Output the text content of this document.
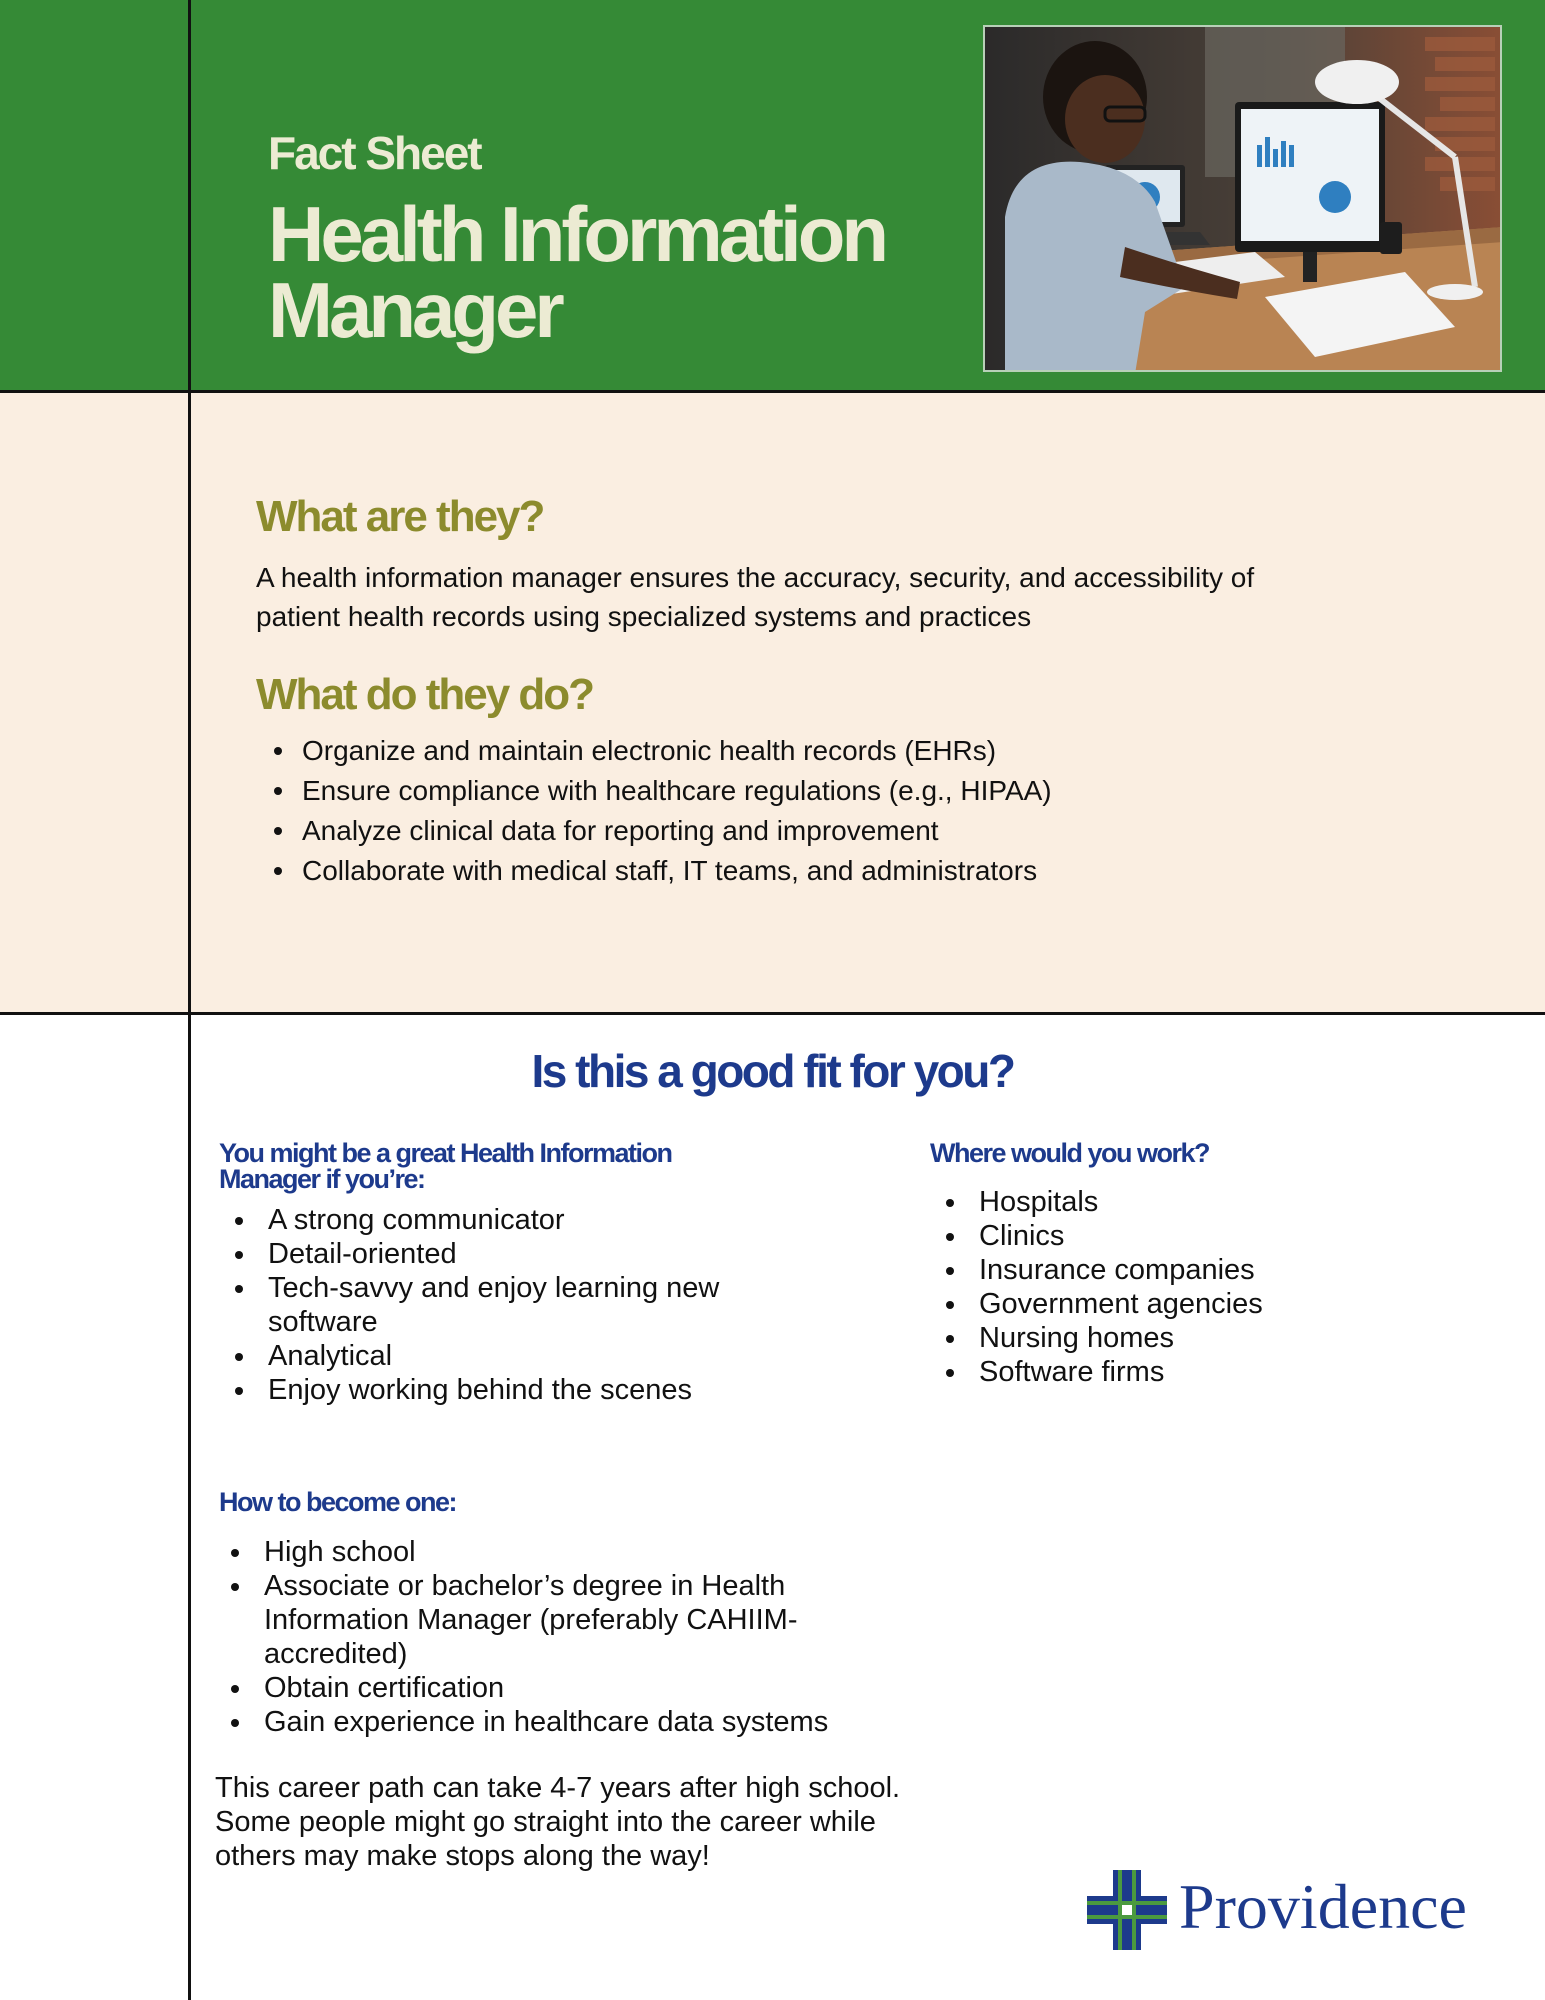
Fact Sheet

Health Information
Manager
What are they?

A health information manager ensures the accuracy, security, and accessibility of patient health records using specialized systems and practices

What do they do?
Organize and maintain electronic health records (EHRs)
Ensure compliance with healthcare regulations (e.g., HIPAA)
Analyze clinical data for reporting and improvement
Collaborate with medical staff, IT teams, and administrators
Is this a good fit for you?
You might be a great Health Information Manager if you’re:
A strong communicator
Detail-oriented
Tech-savvy and enjoy learning new software
Analytical
Enjoy working behind the scenes
Where would you work?
Hospitals
Clinics
Insurance companies
Government agencies
Nursing homes
Software firms
How to become one:
High school
Associate or bachelor’s degree in Health Information Manager (preferably CAHIIM-accredited)
Obtain certification
Gain experience in healthcare data systems

This career path can take 4-7 years after high school. Some people might go straight into the career while others may make stops along the way!

Providence
